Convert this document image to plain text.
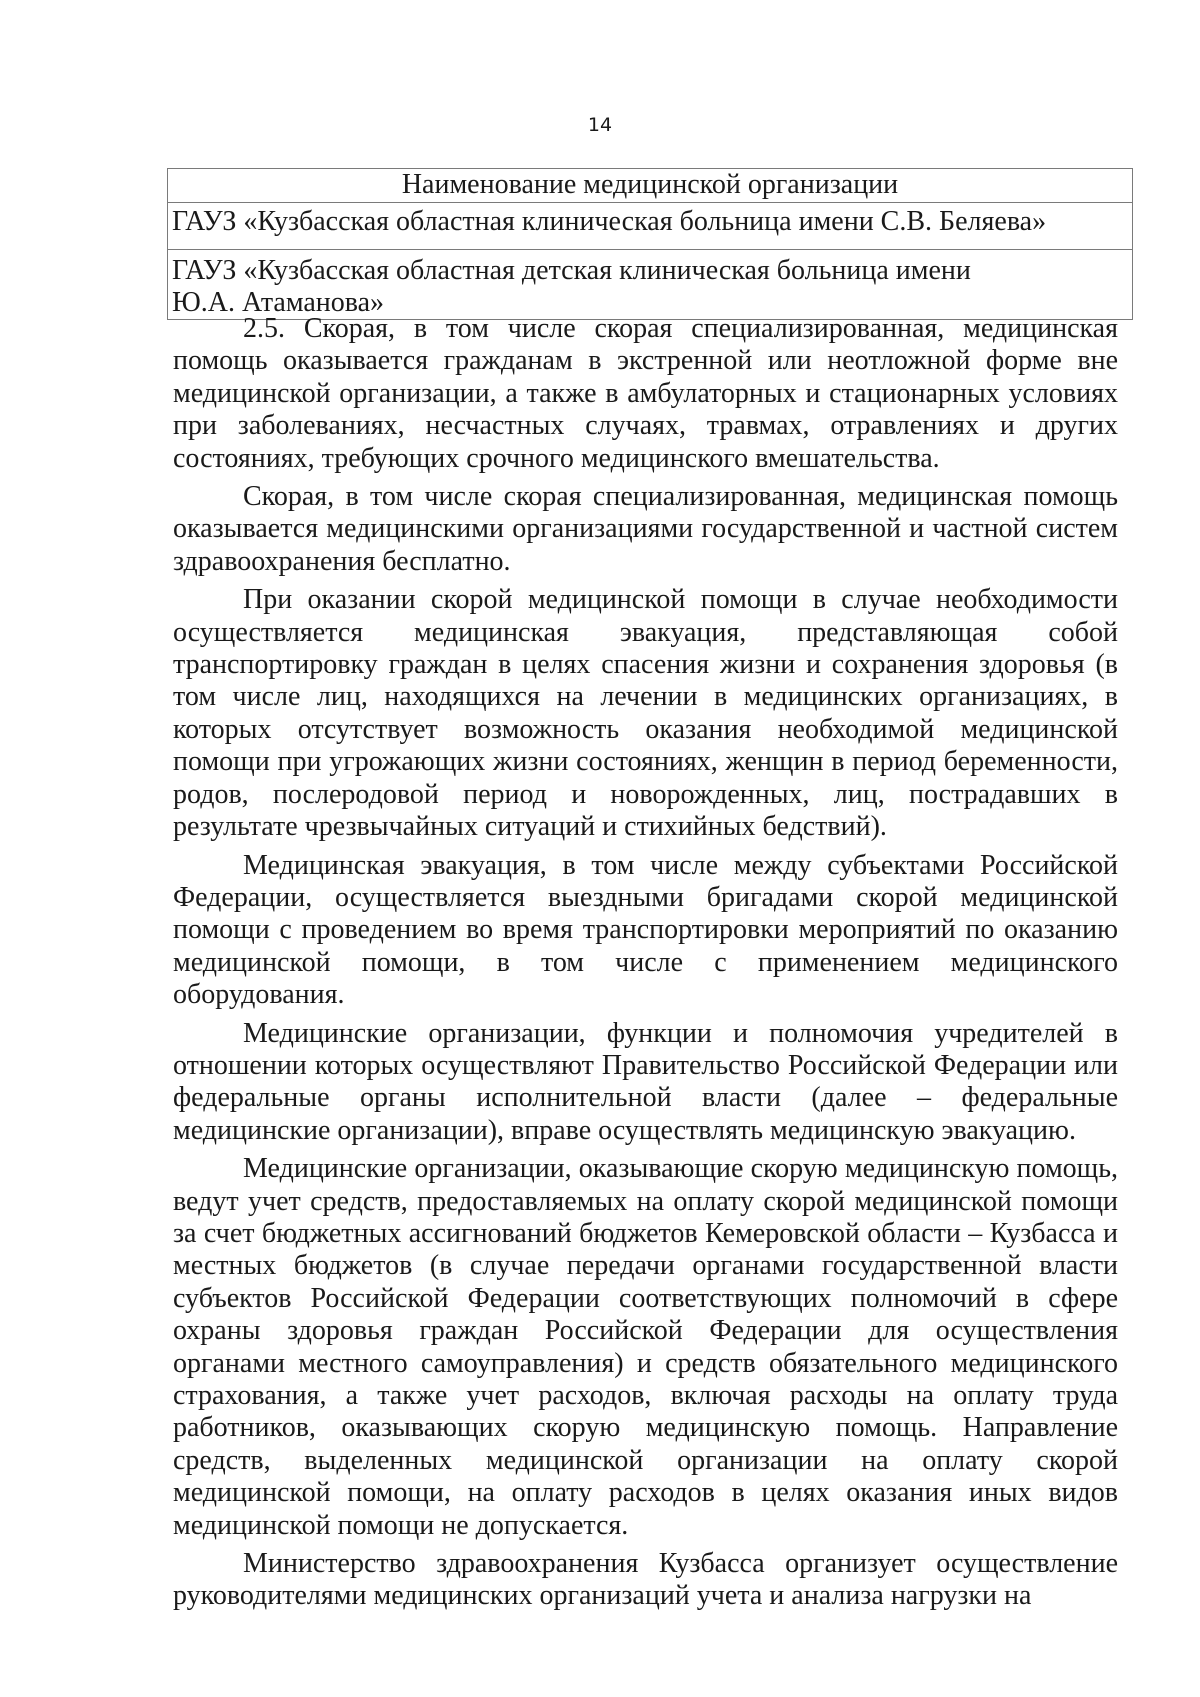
14
Наименование медицинской организации
ГАУЗ «Кузбасская областная клиническая больница имени С.В. Беляева»
ГАУЗ «Кузбасская областная детская клиническая больница имени Ю.А. Атаманова»

2.5. Скорая, в том числе скорая специализированная, медицинская помощь оказывается гражданам в экстренной или неотложной форме вне медицинской организации, а также в амбулаторных и стационарных условиях при заболеваниях, несчастных случаях, травмах, отравлениях и других состояниях, требующих срочного медицинского вмешательства.

Скорая, в том числе скорая специализированная, медицинская помощь оказывается медицинскими организациями государственной и частной систем здравоохранения бесплатно.

При оказании скорой медицинской помощи в случае необходимости осуществляется медицинская эвакуация, представляющая собой транспортировку граждан в целях спасения жизни и сохранения здоровья (в том числе лиц, находящихся на лечении в медицинских организациях, в которых отсутствует возможность оказания необходимой медицинской помощи при угрожающих жизни состояниях, женщин в период беременности, родов, послеродовой период и новорожденных, лиц, пострадавших в результате чрезвычайных ситуаций и стихийных бедствий).

Медицинская эвакуация, в том числе между субъектами Российской Федерации, осуществляется выездными бригадами скорой медицинской помощи с проведением во время транспортировки мероприятий по оказанию медицинской помощи, в том числе с применением медицинского оборудования.

Медицинские организации, функции и полномочия учредителей в отношении которых осуществляют Правительство Российской Федерации или федеральные органы исполнительной власти (далее – федеральные медицинские организации), вправе осуществлять медицинскую эвакуацию.

Медицинские организации, оказывающие скорую медицинскую помощь, ведут учет средств, предоставляемых на оплату скорой медицинской помощи за счет бюджетных ассигнований бюджетов Кемеровской области – Кузбасса и местных бюджетов (в случае передачи органами государственной власти субъектов Российской Федерации соответствующих полномочий в сфере охраны здоровья граждан Российской Федерации для осуществления органами местного самоуправления) и средств обязательного медицинского страхования, а также учет расходов, включая расходы на оплату труда работников, оказывающих скорую медицинскую помощь. Направление средств, выделенных медицинской организации на оплату скорой медицинской помощи, на оплату расходов в целях оказания иных видов медицинской помощи не допускается.

Министерство здравоохранения Кузбасса организует осуществление руководителями медицинских организаций учета и анализа нагрузки на
